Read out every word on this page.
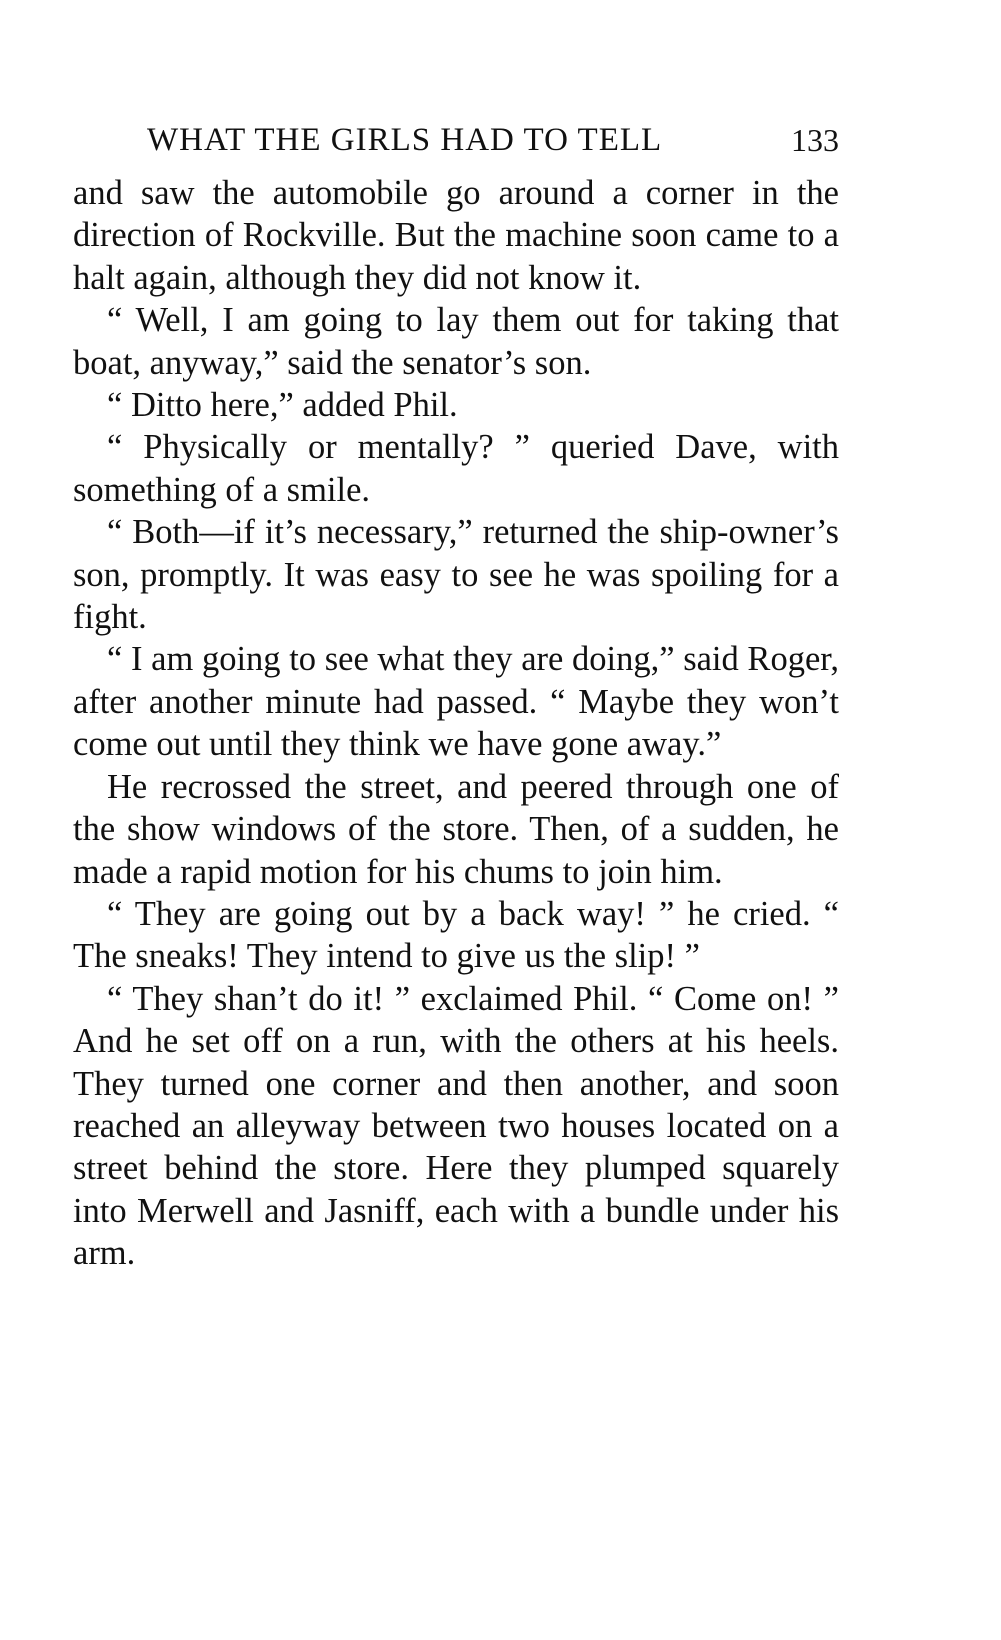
WHAT THE GIRLS HAD TO TELL	133

and saw the automobile go around a corner in the direction of Rockville. But the machine soon came to a halt again, although they did not know it.

“ Well, I am going to lay them out for taking that boat, anyway,” said the senator’s son.

“ Ditto here,” added Phil.

“ Physically or mentally? ” queried Dave, with something of a smile.

“ Both—if it’s necessary,” returned the ship-owner’s son, promptly. It was easy to see he was spoiling for a fight.

“ I am going to see what they are doing,” said Roger, after another minute had passed. “ Maybe they won’t come out until they think we have gone away.”

He recrossed the street, and peered through one of the show windows of the store. Then, of a sudden, he made a rapid motion for his chums to join him.

“ They are going out by a back way! ” he cried. “ The sneaks! They intend to give us the slip! ”

“ They shan’t do it! ” exclaimed Phil. “ Come on! ” And he set off on a run, with the others at his heels. They turned one corner and then another, and soon reached an alleyway between two houses located on a street behind the store. Here they plumped squarely into Merwell and Jasniff, each with a bundle under his arm.
